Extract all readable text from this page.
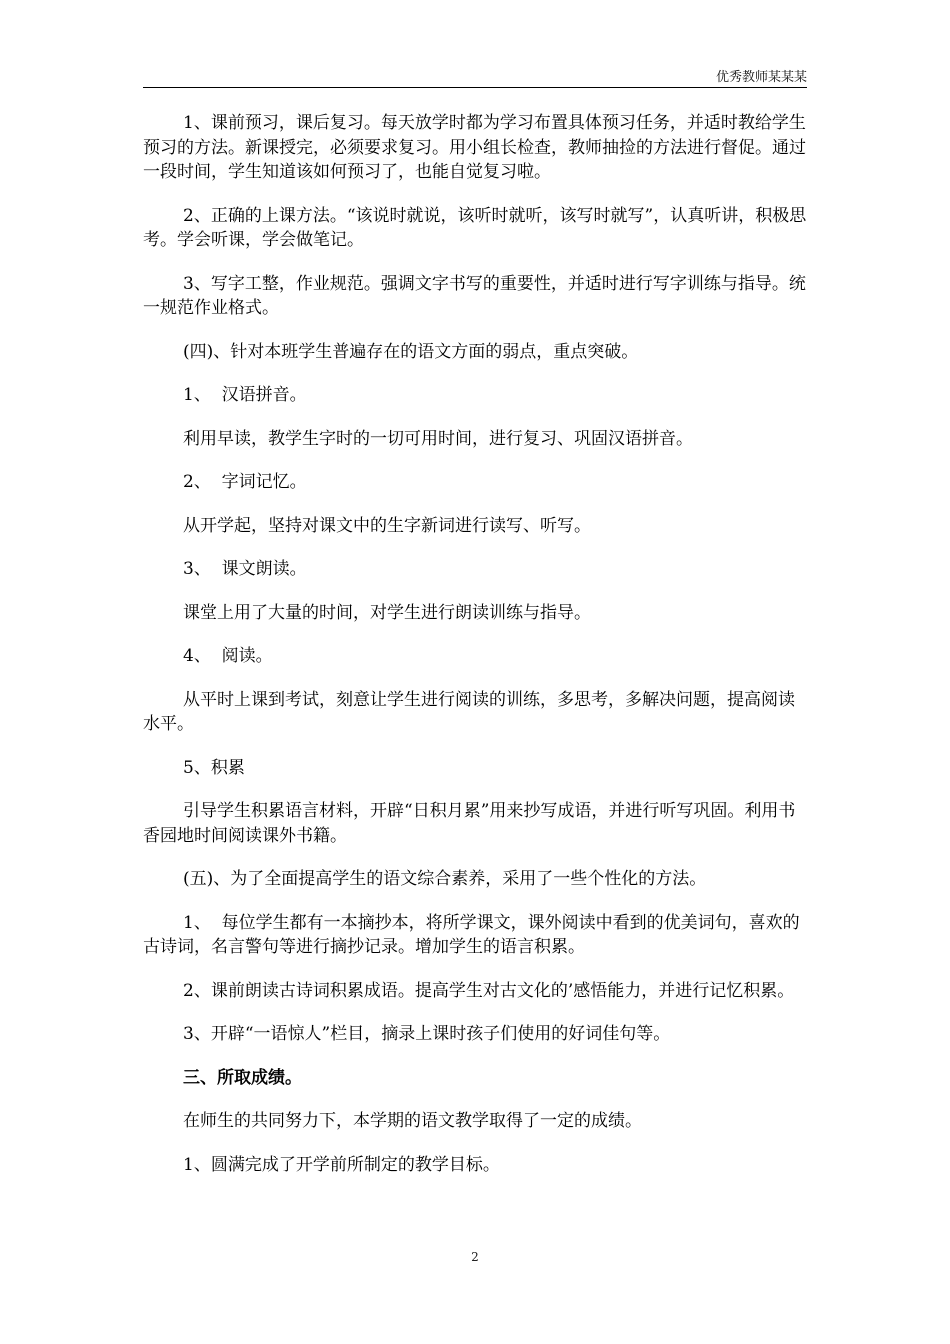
优秀教师某某某

1、课前预习，课后复习。每天放学时都为学习布置具体预习任务，并适时教给学生预习的方法。新课授完，必须要求复习。用小组长检查，教师抽捡的方法进行督促。通过一段时间，学生知道该如何预习了，也能自觉复习啦。

2、正确的上课方法。“该说时就说，该听时就听，该写时就写”，认真听讲，积极思考。学会听课，学会做笔记。

3、写字工整，作业规范。强调文字书写的重要性，并适时进行写字训练与指导。统一规范作业格式。

(四)、针对本班学生普遍存在的语文方面的弱点，重点突破。

1、  汉语拼音。

利用早读，教学生字时的一切可用时间，进行复习、巩固汉语拼音。

2、  字词记忆。

从开学起，坚持对课文中的生字新词进行读写、听写。

3、  课文朗读。

课堂上用了大量的时间，对学生进行朗读训练与指导。

4、  阅读。

从平时上课到考试，刻意让学生进行阅读的训练，多思考，多解决问题，提高阅读水平。

5、积累

引导学生积累语言材料，开辟“日积月累”用来抄写成语，并进行听写巩固。利用书香园地时间阅读课外书籍。

(五)、为了全面提高学生的语文综合素养，采用了一些个性化的方法。

1、  每位学生都有一本摘抄本，将所学课文，课外阅读中看到的优美词句，喜欢的古诗词，名言警句等进行摘抄记录。增加学生的语言积累。

2、课前朗读古诗词积累成语。提高学生对古文化的’感悟能力，并进行记忆积累。

3、开辟“一语惊人”栏目，摘录上课时孩子们使用的好词佳句等。

三、所取成绩。

在师生的共同努力下，本学期的语文教学取得了一定的成绩。

1、圆满完成了开学前所制定的教学目标。

2
